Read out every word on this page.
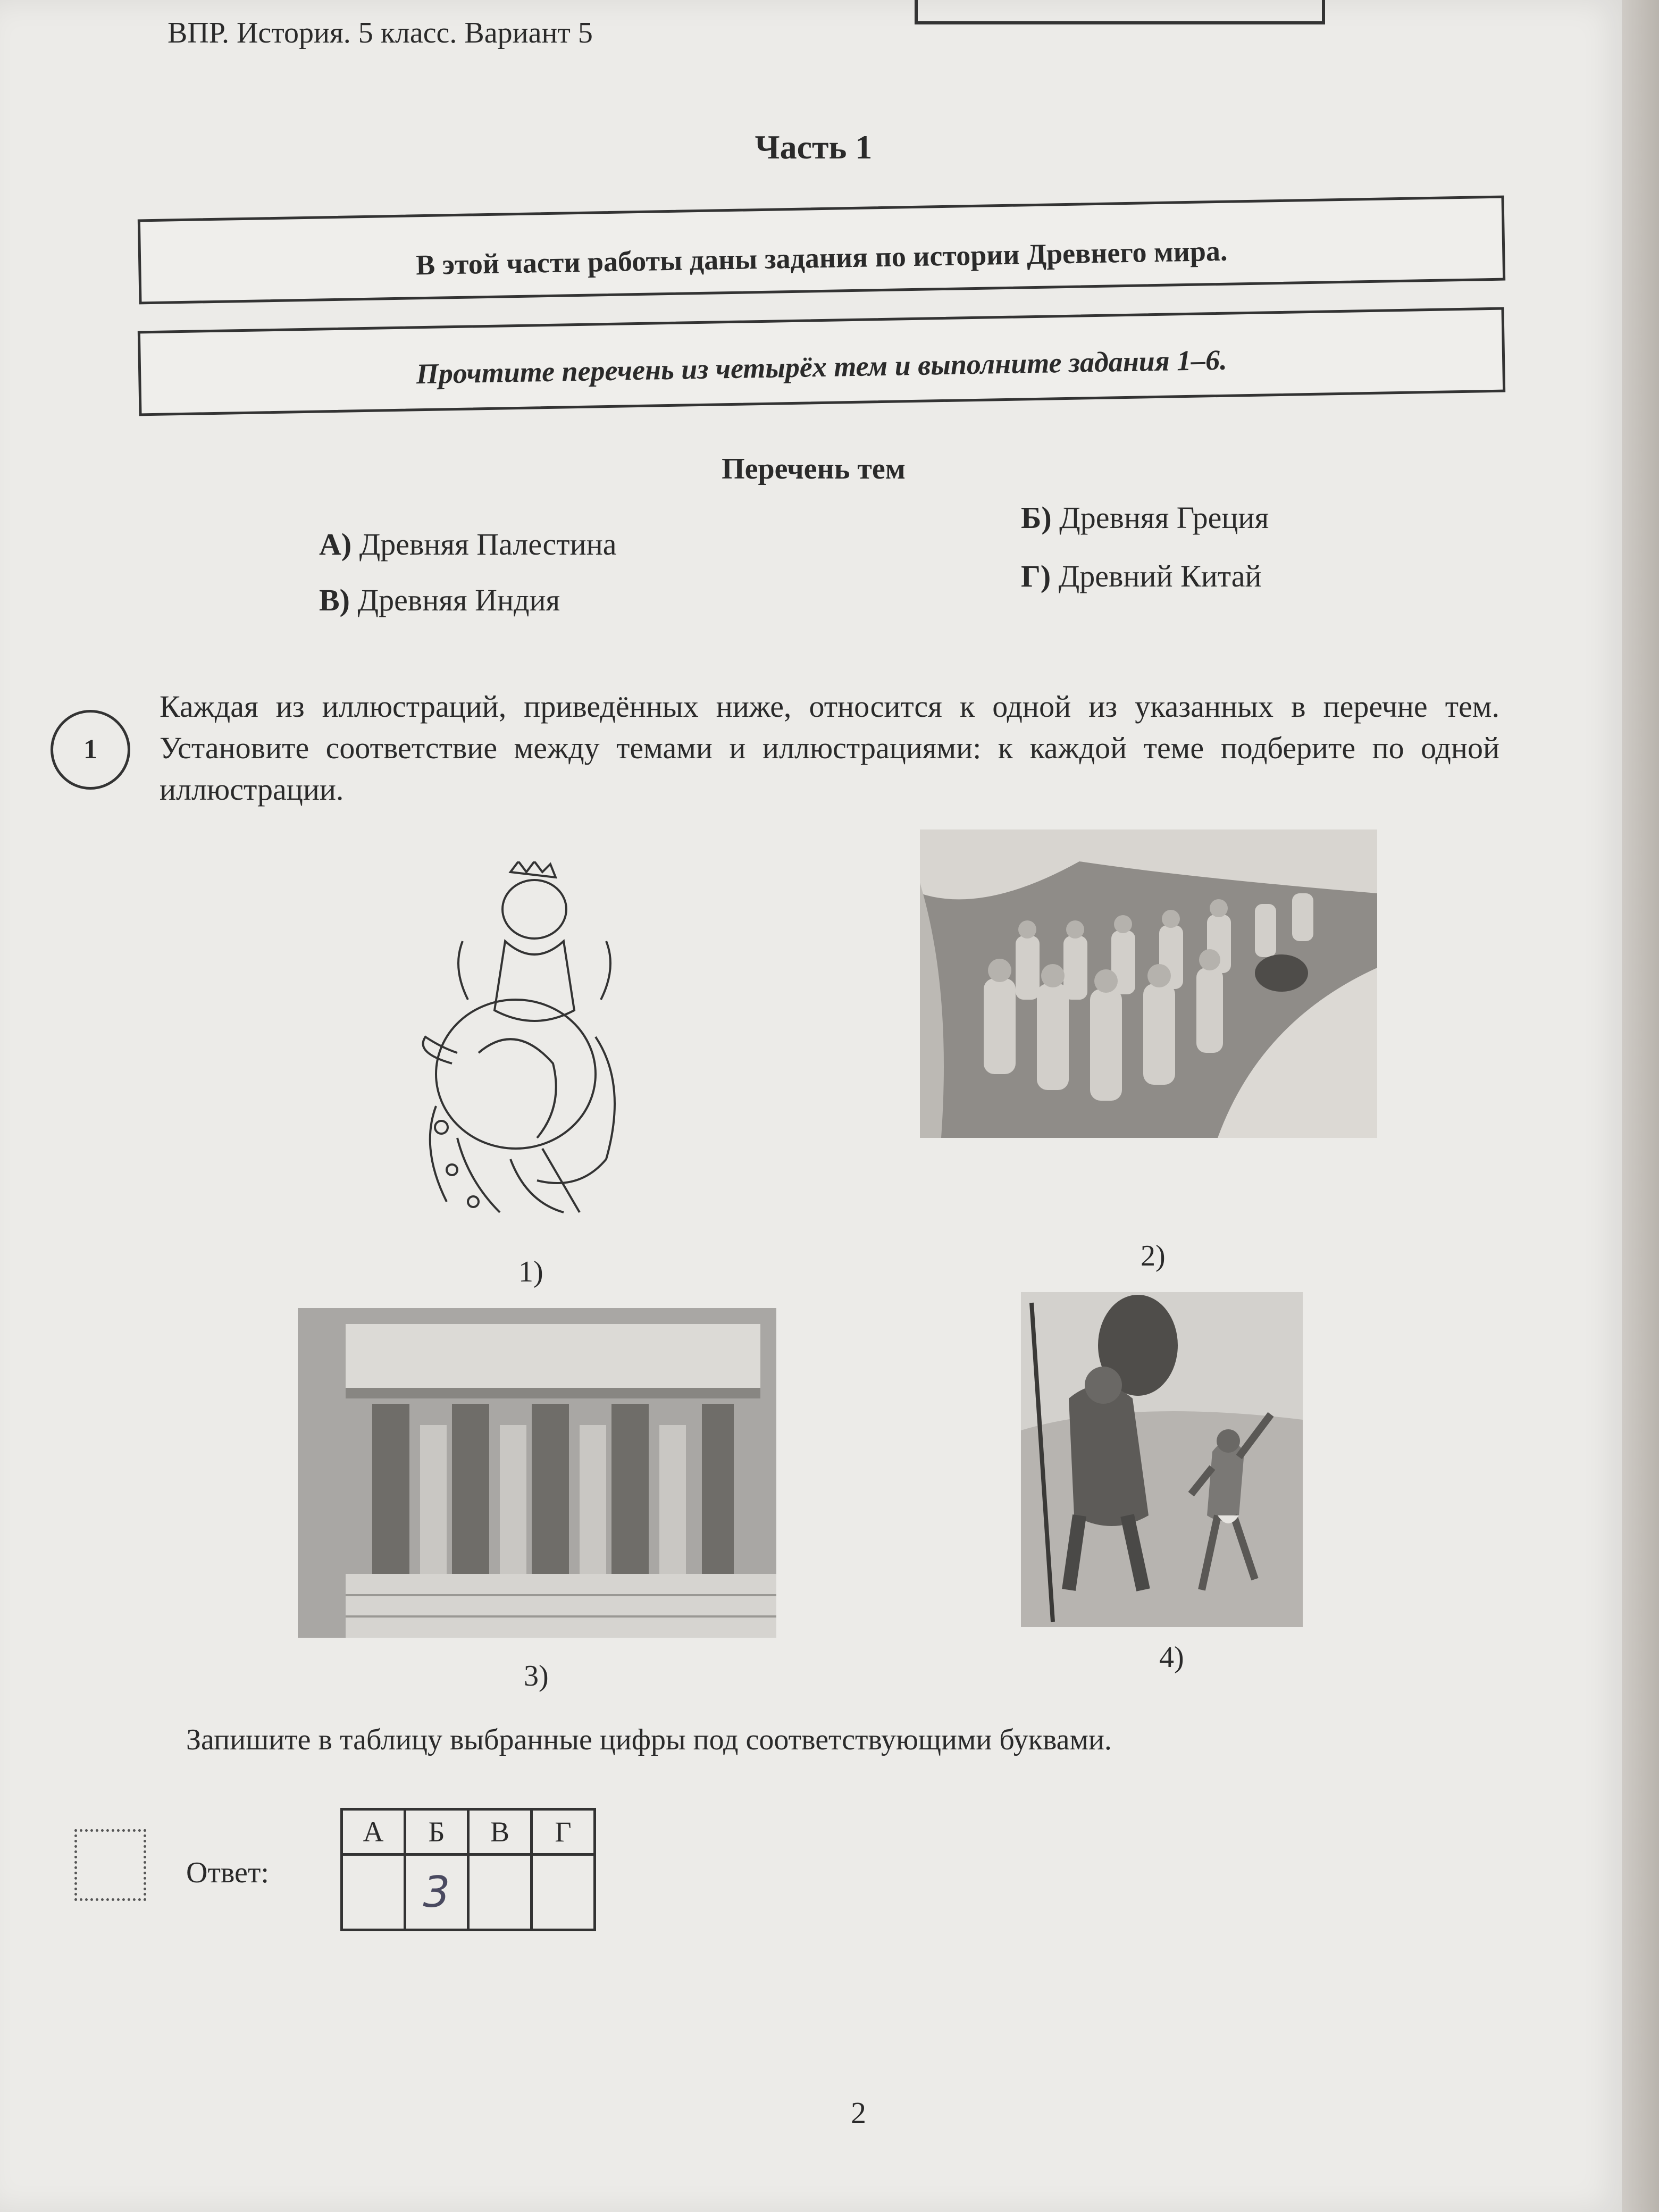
ВПР. История. 5 класс. Вариант 5
Часть 1
В этой части работы даны задания по истории Древнего мира.
Прочтите перечень из четырёх тем и выполните задания 1–6.
Перечень тем
А) Древняя Палестина
Б) Древняя Греция
В) Древняя Индия
Г) Древний Китай
1
Каждая из иллюстраций, приведённых ниже, относится к одной из указанных в перечне тем. Установите соответствие между темами и иллюстрациями: к каждой теме подберите по одной иллюстрации.
1)	2)
3)
4)
Запишите в таблицу выбранные цифры под соответствующими буквами.
Ответ:
А	Б	В	Г
	3		
2
